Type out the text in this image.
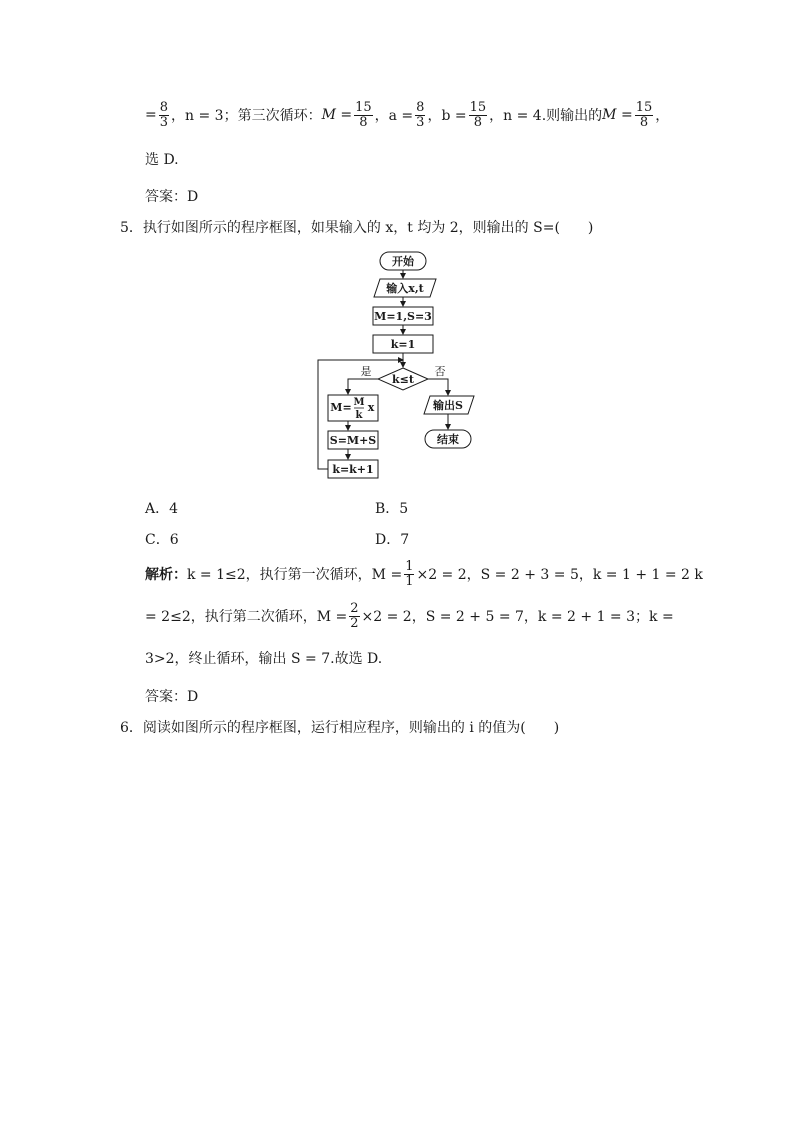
= $\frac{8}{3}$ ，n = 3；第三次循环： $M = \frac{15}{8}$ ，$a = \frac{8}{3}$ ，$b = \frac{15}{8}$ ，n = 4.则输出的 $M = \frac{15}{8}$ ，
选 D.
答案：D
5．执行如图所示的程序框图，如果输入的 x，t 均为 2，则输出的 S=(　　)
开始
输入x,t
M=1,S=3
k=1
k≤t
是	否
M= M
k
x
S=M+S
k=k+1
输出S
结束
A．4	B．5
C．6	D．7
解析： k = 1≤2，执行第一次循环，$M = \frac{1}{1} \times 2 = 2$，S = 2 + 3 = 5，k = 1 + 1 = 2 k
= 2≤2，执行第二次循环，$M = \frac{2}{2} \times 2 = 2$，S = 2 + 5 = 7，k = 2 + 1 = 3；k =
3>2，终止循环，输出 S = 7.故选 D.
答案：D
6．阅读如图所示的程序框图，运行相应程序，则输出的 i 的值为(　　)
